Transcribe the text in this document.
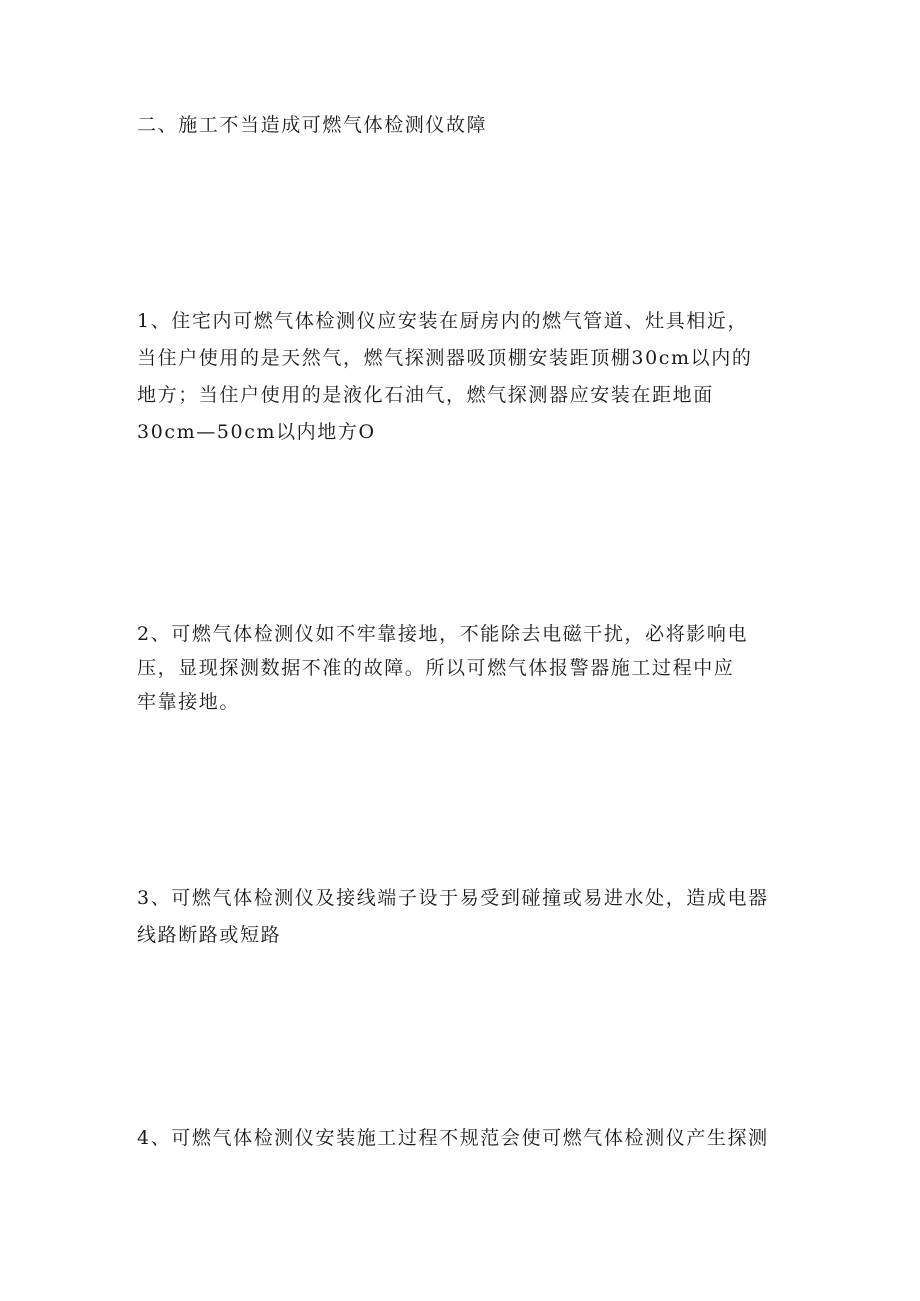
二、施工不当造成可燃气体检测仪故障
1、住宅内可燃气体检测仪应安装在厨房内的燃气管道、灶具相近，
当住户使用的是天然气，燃气探测器吸顶棚安装距顶棚30cm以内的
地方；当住户使用的是液化石油气，燃气探测器应安装在距地面
30cm—50cm以内地方O
2、可燃气体检测仪如不牢靠接地，不能除去电磁干扰，必将影响电
压，显现探测数据不准的故障。所以可燃气体报警器施工过程中应
牢靠接地。
3、可燃气体检测仪及接线端子设于易受到碰撞或易进水处，造成电器
线路断路或短路
4、可燃气体检测仪安装施工过程不规范会使可燃气体检测仪产生探测
